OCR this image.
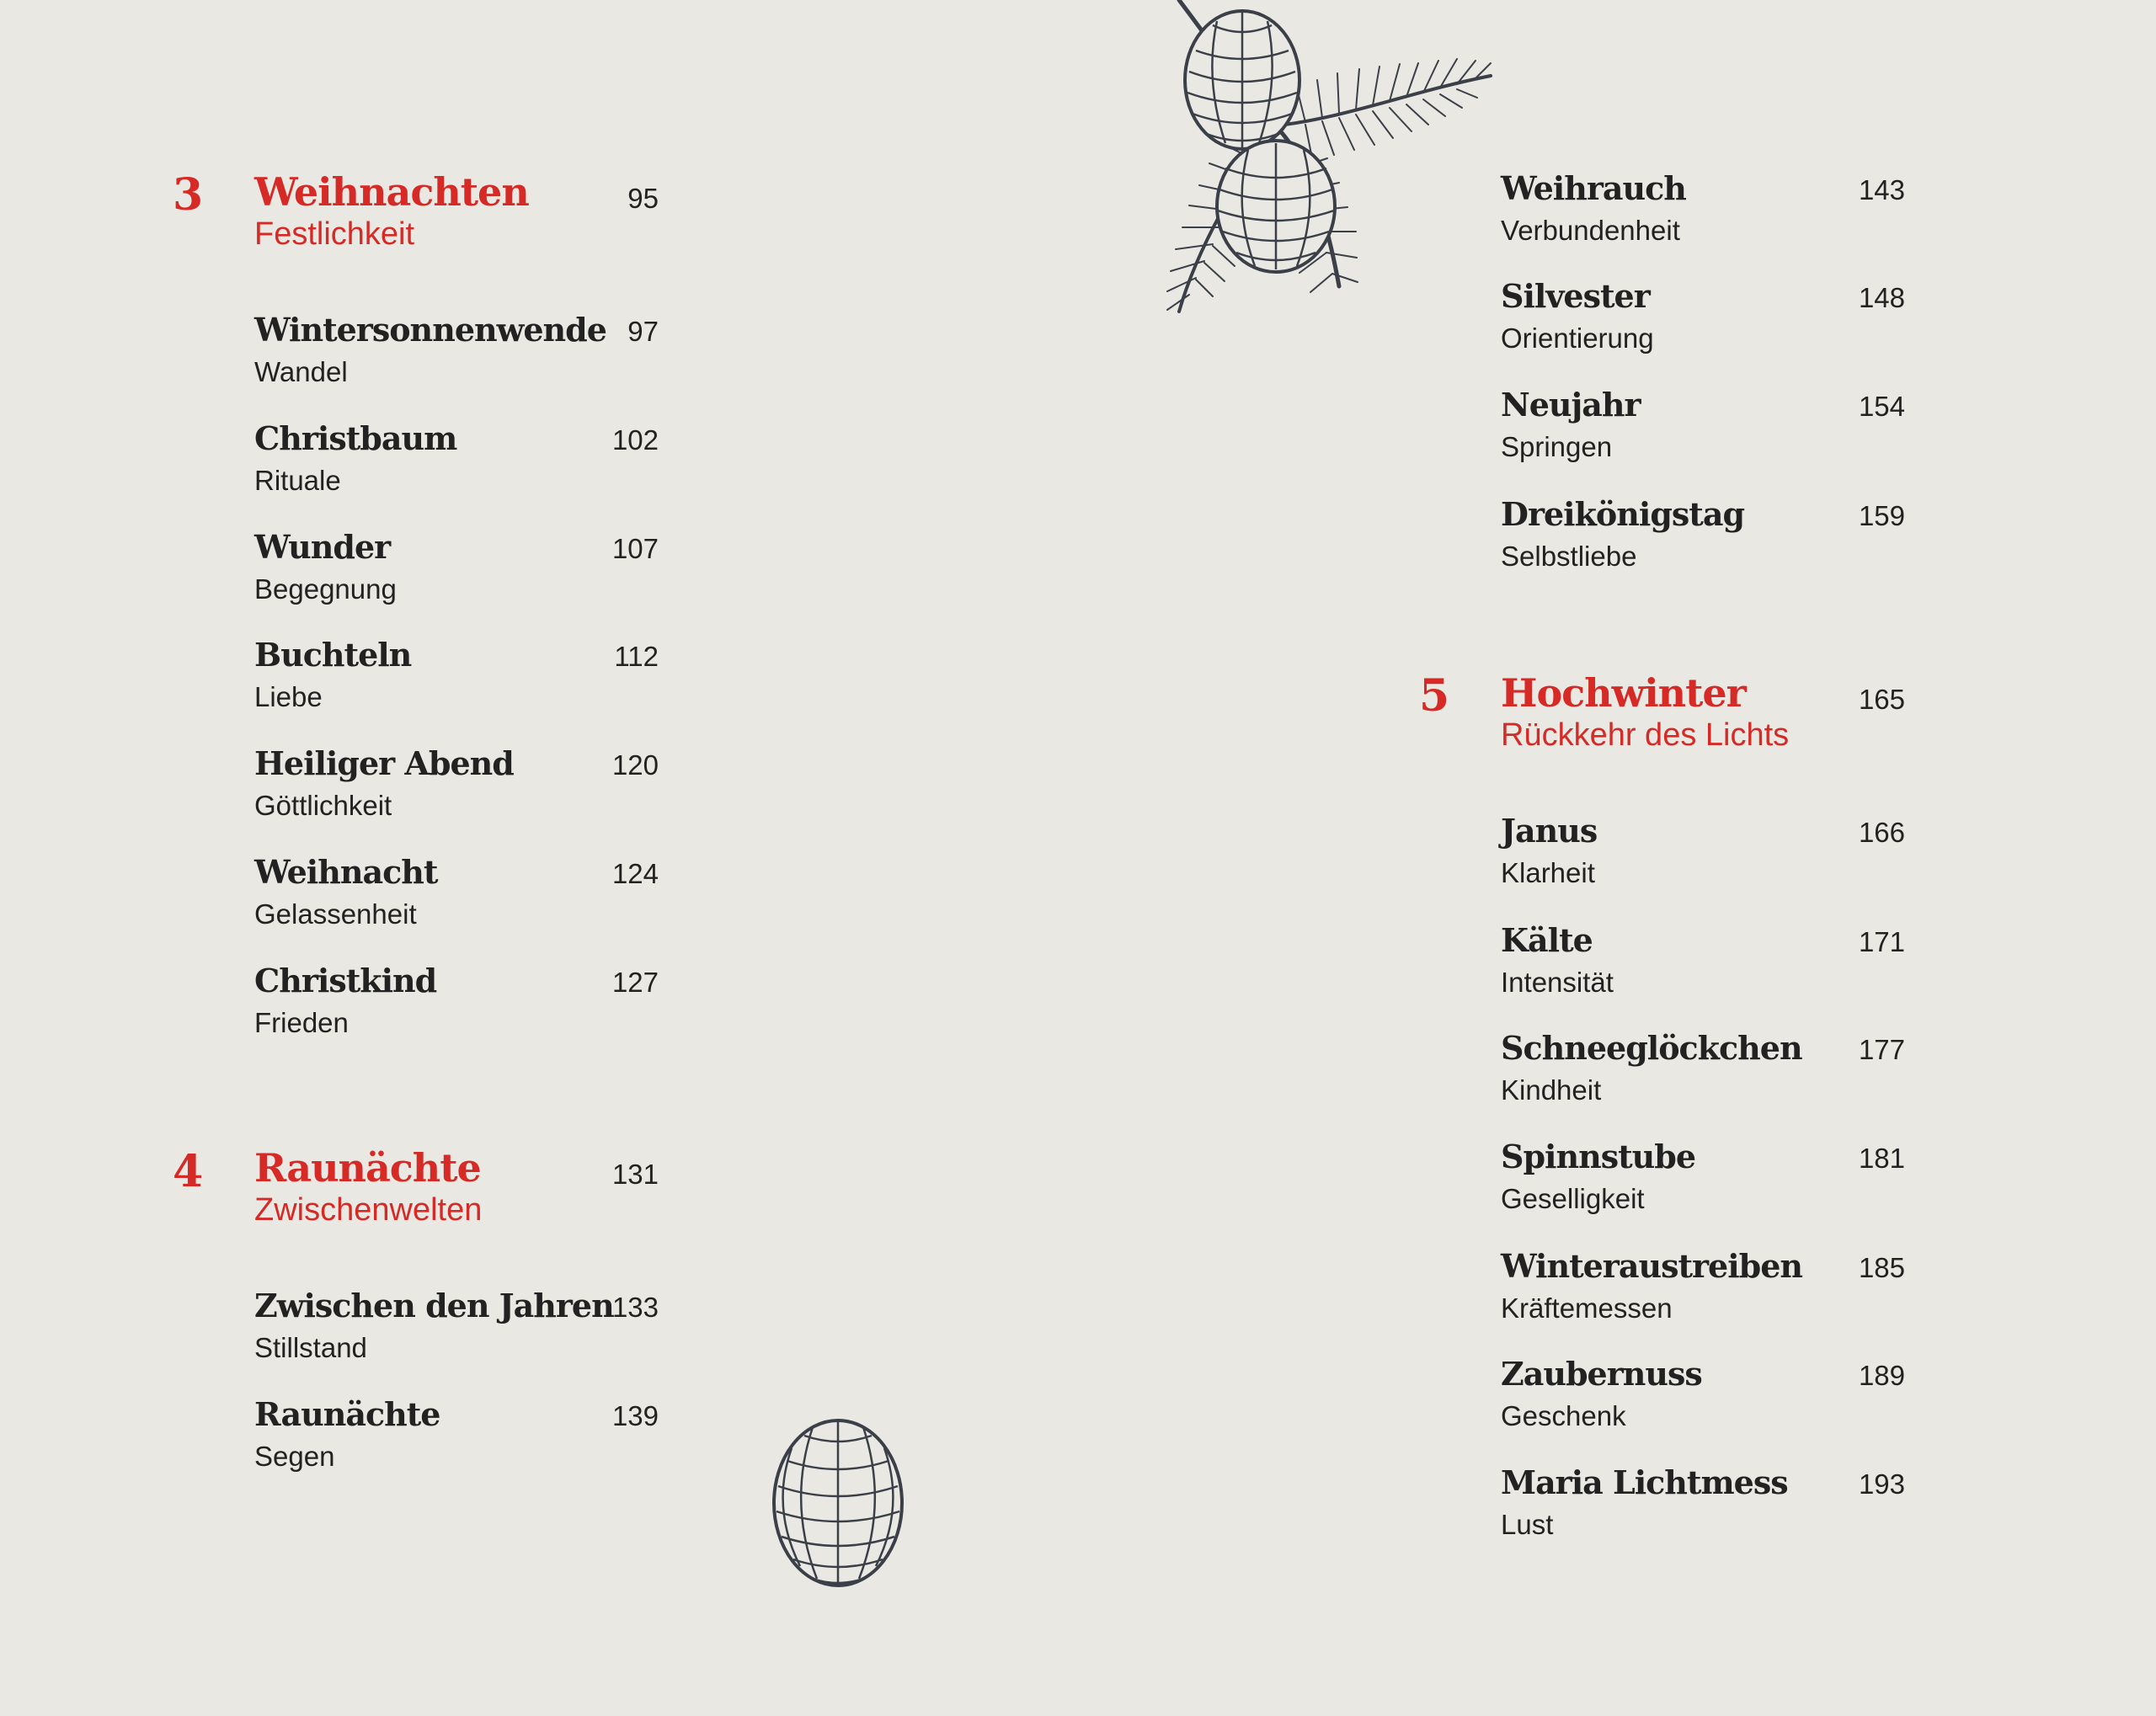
3 Weihnachten
Festlichkeit
95
Wintersonnenwende
Wandel
97
Christbaum
Rituale
102
Wunder
Begegnung
107
Buchteln
Liebe
112
Heiliger Abend
Göttlichkeit
120
Weihnacht
Gelassenheit
124
Christkind
Frieden
127
4 Raunächte
Zwischenwelten
131
Zwischen den Jahren
Stillstand
133
Raunächte
Segen
139
Weihrauch
Verbundenheit
143
Silvester
Orientierung
148
Neujahr
Springen
154
Dreikönigstag
Selbstliebe
159
5 Hochwinter
Rückkehr des Lichts
165
Janus
Klarheit
166
Kälte
Intensität
171
Schneeglöckchen
Kindheit
177
Spinnstube
Geselligkeit
181
Winteraustreiben
Kräftemessen
185
Zaubernuss
Geschenk
189
Maria Lichtmess
Lust
193
